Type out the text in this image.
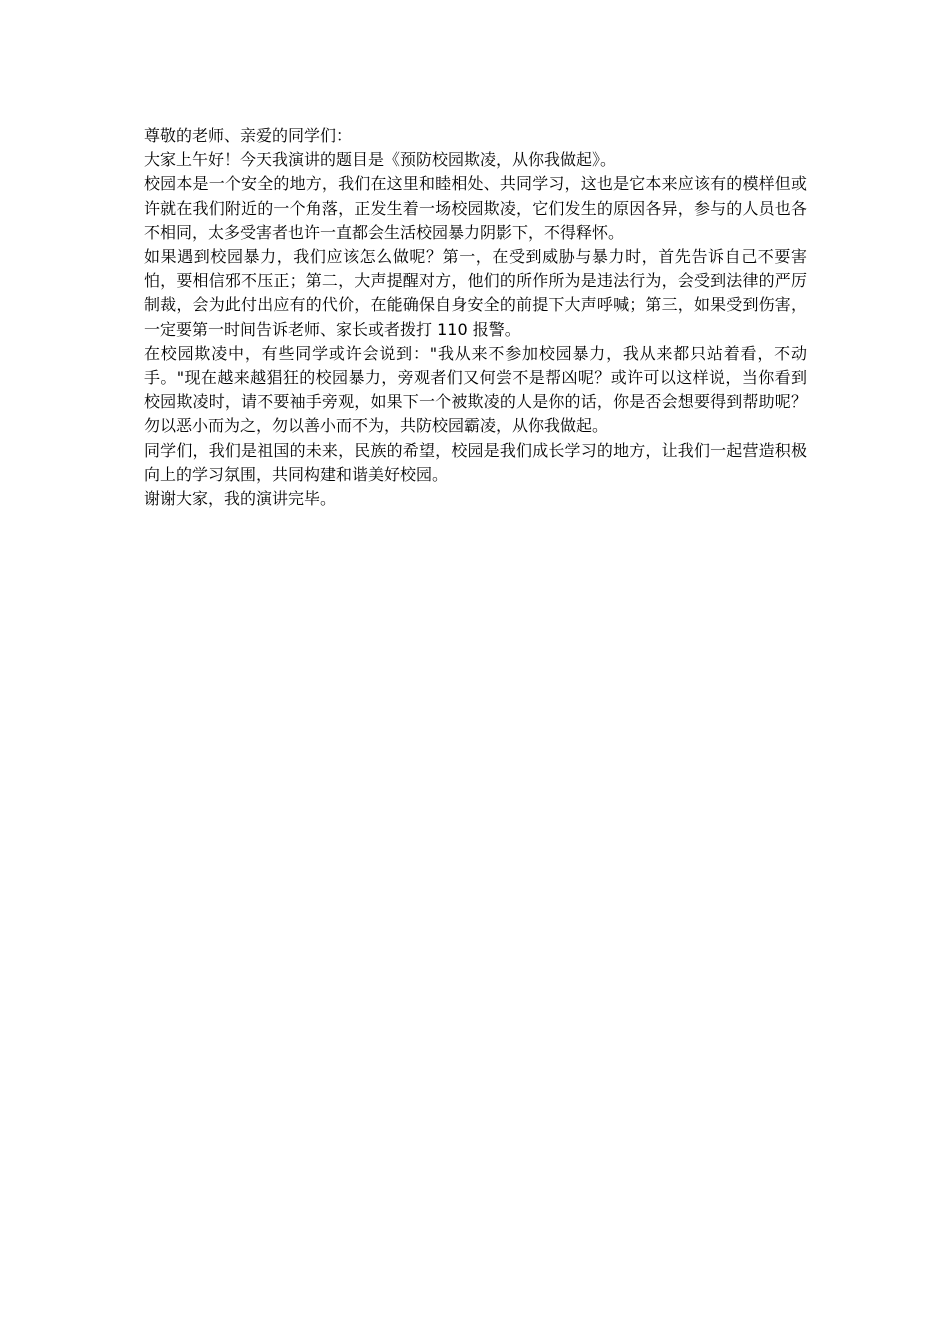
尊敬的老师、亲爱的同学们：

大家上午好！今天我演讲的题目是《预防校园欺凌，从你我做起》。

校园本是一个安全的地方，我们在这里和睦相处、共同学习，这也是它本来应该有的模样但或许就在我们附近的一个角落，正发生着一场校园欺凌，它们发生的原因各异，参与的人员也各不相同，太多受害者也许一直都会生活校园暴力阴影下，不得释怀。

如果遇到校园暴力，我们应该怎么做呢？第一，在受到威胁与暴力时，首先告诉自己不要害怕，要相信邪不压正；第二，大声提醒对方，他们的所作所为是违法行为，会受到法律的严厉制裁，会为此付出应有的代价，在能确保自身安全的前提下大声呼喊；第三，如果受到伤害，一定要第一时间告诉老师、家长或者拨打 110 报警。

在校园欺凌中，有些同学或许会说到："我从来不参加校园暴力，我从来都只站着看，不动手。"现在越来越猖狂的校园暴力，旁观者们又何尝不是帮凶呢？或许可以这样说，当你看到校园欺凌时，请不要袖手旁观，如果下一个被欺凌的人是你的话，你是否会想要得到帮助呢？勿以恶小而为之，勿以善小而不为，共防校园霸凌，从你我做起。

同学们，我们是祖国的未来，民族的希望，校园是我们成长学习的地方，让我们一起营造积极向上的学习氛围，共同构建和谐美好校园。

谢谢大家，我的演讲完毕。
